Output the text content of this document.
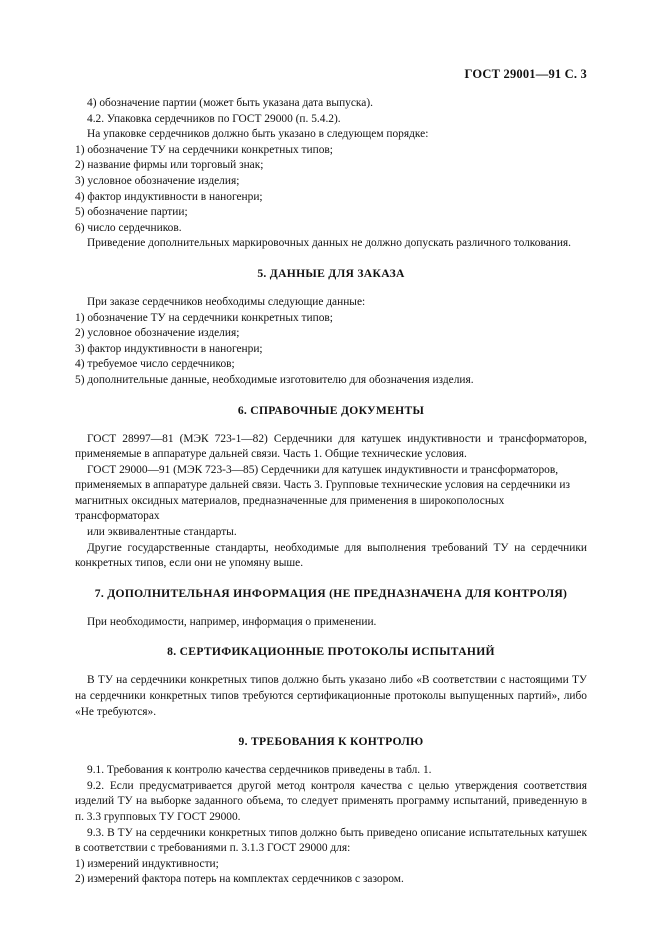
ГОСТ 29001—91 С. 3

4) обозначение партии (может быть указана дата выпуска).

4.2. Упаковка сердечников по ГОСТ 29000 (п. 5.4.2).

На упаковке сердечников должно быть указано в следующем порядке:

1) обозначение ТУ на сердечники конкретных типов;

2) название фирмы или торговый знак;

3) условное обозначение изделия;

4) фактор индуктивности в наногенри;

5) обозначение партии;

6) число сердечников.

Приведение дополнительных маркировочных данных не должно допускать различного толкования.

5. ДАННЫЕ ДЛЯ ЗАКАЗА

При заказе сердечников необходимы следующие данные:

1) обозначение ТУ на сердечники конкретных типов;

2) условное обозначение изделия;

3) фактор индуктивности в наногенри;

4) требуемое число сердечников;

5) дополнительные данные, необходимые изготовителю для обозначения изделия.

6. СПРАВОЧНЫЕ ДОКУМЕНТЫ

ГОСТ 28997—81 (МЭК 723-1—82) Сердечники для катушек индуктивности и трансформаторов, применяемые в аппаратуре дальней связи. Часть 1. Общие технические условия.

ГОСТ 29000—91 (МЭК 723-3—85) Сердечники для катушек индуктивности и трансформаторов, применяемых в аппаратуре дальней связи. Часть 3. Групповые технические условия на сердечники из магнитных оксидных материалов, предназначенные для применения в широкополосных трансформаторах

или эквивалентные стандарты.

Другие государственные стандарты, необходимые для выполнения требований ТУ на сердечники конкретных типов, если они не упомяну выше.

7. ДОПОЛНИТЕЛЬНАЯ ИНФОРМАЦИЯ (НЕ ПРЕДНАЗНАЧЕНА ДЛЯ КОНТРОЛЯ)

При необходимости, например, информация о применении.

8. СЕРТИФИКАЦИОННЫЕ ПРОТОКОЛЫ ИСПЫТАНИЙ

В ТУ на сердечники конкретных типов должно быть указано либо «В соответствии с настоящими ТУ на сердечники конкретных типов требуются сертификационные протоколы выпущенных партий», либо «Не требуются».

9. ТРЕБОВАНИЯ К КОНТРОЛЮ

9.1. Требования к контролю качества сердечников приведены в табл. 1.

9.2. Если предусматривается другой метод контроля качества с целью утверждения соответствия изделий ТУ на выборке заданного объема, то следует применять программу испытаний, приведенную в п. 3.3 групповых ТУ ГОСТ 29000.

9.3. В ТУ на сердечники конкретных типов должно быть приведено описание испытательных катушек в соответствии с требованиями п. 3.1.3 ГОСТ 29000 для:

1) измерений индуктивности;

2) измерений фактора потерь на комплектах сердечников с зазором.
